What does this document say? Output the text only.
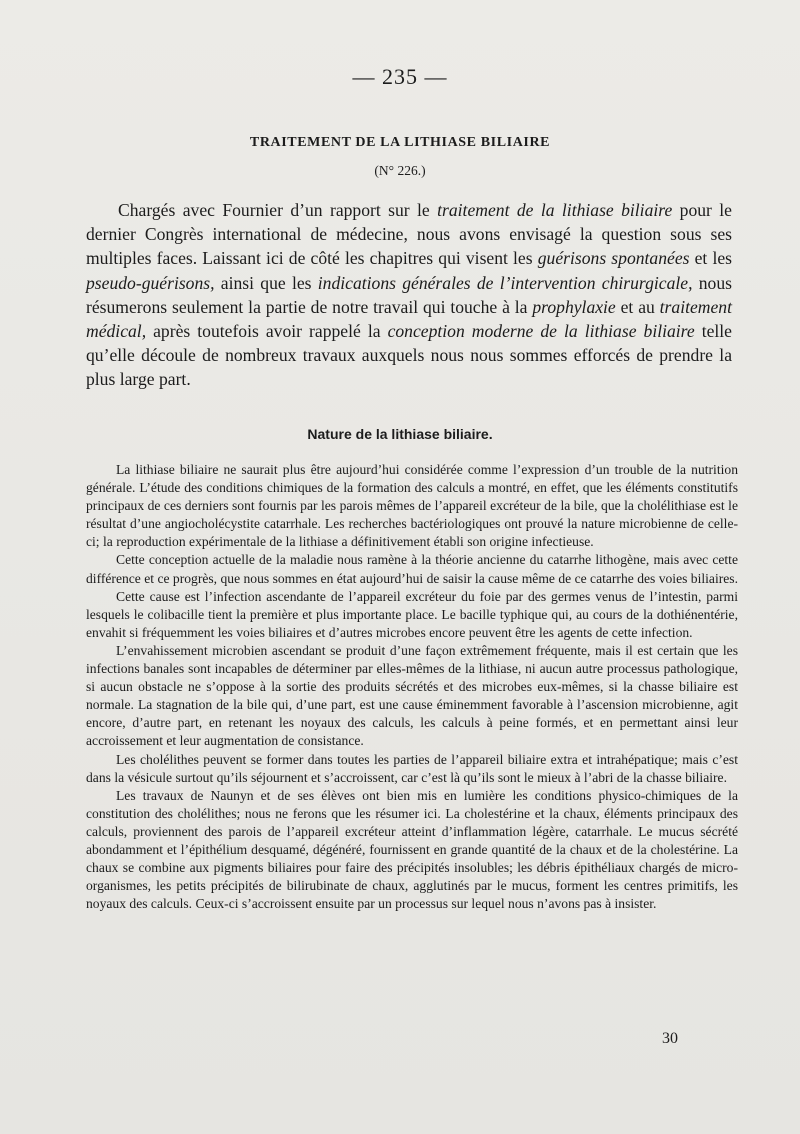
— 235 —
TRAITEMENT DE LA LITHIASE BILIAIRE
(N° 226.)

Chargés avec Fournier d’un rapport sur le traitement de la lithiase biliaire pour le dernier Congrès international de médecine, nous avons envisagé la question sous ses multiples faces. Laissant ici de côté les chapitres qui visent les guérisons spontanées et les pseudo-guérisons, ainsi que les indications générales de l’intervention chirurgicale, nous résumerons seulement la partie de notre travail qui touche à la prophylaxie et au traitement médical, après toutefois avoir rappelé la conception moderne de la lithiase biliaire telle qu’elle découle de nombreux travaux auxquels nous nous sommes efforcés de prendre la plus large part.

Nature de la lithiase biliaire.

La lithiase biliaire ne saurait plus être aujourd’hui considérée comme l’expression d’un trouble de la nutrition générale. L’étude des conditions chimiques de la formation des calculs a montré, en effet, que les éléments constitutifs principaux de ces derniers sont fournis par les parois mêmes de l’appareil excréteur de la bile, que la cholélithiase est le résultat d’une angiocholécystite catarrhale. Les recherches bactériologiques ont prouvé la nature microbienne de celle-ci; la reproduction expérimentale de la lithiase a définitivement établi son origine infectieuse.

Cette conception actuelle de la maladie nous ramène à la théorie ancienne du catarrhe lithogène, mais avec cette différence et ce progrès, que nous sommes en état aujourd’hui de saisir la cause même de ce catarrhe des voies biliaires.

Cette cause est l’infection ascendante de l’appareil excréteur du foie par des germes venus de l’intestin, parmi lesquels le colibacille tient la première et plus importante place. Le bacille typhique qui, au cours de la dothiénentérie, envahit si fréquemment les voies biliaires et d’autres microbes encore peuvent être les agents de cette infection.

L’envahissement microbien ascendant se produit d’une façon extrêmement fréquente, mais il est certain que les infections banales sont incapables de déterminer par elles-mêmes de la lithiase, ni aucun autre processus pathologique, si aucun obstacle ne s’oppose à la sortie des produits sécrétés et des microbes eux-mêmes, si la chasse biliaire est normale. La stagnation de la bile qui, d’une part, est une cause éminemment favorable à l’ascension microbienne, agit encore, d’autre part, en retenant les noyaux des calculs, les calculs à peine formés, et en permettant ainsi leur accroissement et leur augmentation de consistance.

Les cholélithes peuvent se former dans toutes les parties de l’appareil biliaire extra et intrahépatique; mais c’est dans la vésicule surtout qu’ils séjournent et s’accroissent, car c’est là qu’ils sont le mieux à l’abri de la chasse biliaire.

Les travaux de Naunyn et de ses élèves ont bien mis en lumière les conditions physico-chimiques de la constitution des cholélithes; nous ne ferons que les résumer ici. La cholestérine et la chaux, éléments principaux des calculs, proviennent des parois de l’appareil excréteur atteint d’inflammation légère, catarrhale. Le mucus sécrété abondamment et l’épithélium desquamé, dégénéré, fournissent en grande quantité de la chaux et de la cholestérine. La chaux se combine aux pigments biliaires pour faire des précipités insolubles; les débris épithéliaux chargés de micro-organismes, les petits précipités de bilirubinate de chaux, agglutinés par le mucus, forment les centres primitifs, les noyaux des calculs. Ceux-ci s’accroissent ensuite par un processus sur lequel nous n’avons pas à insister.

30
